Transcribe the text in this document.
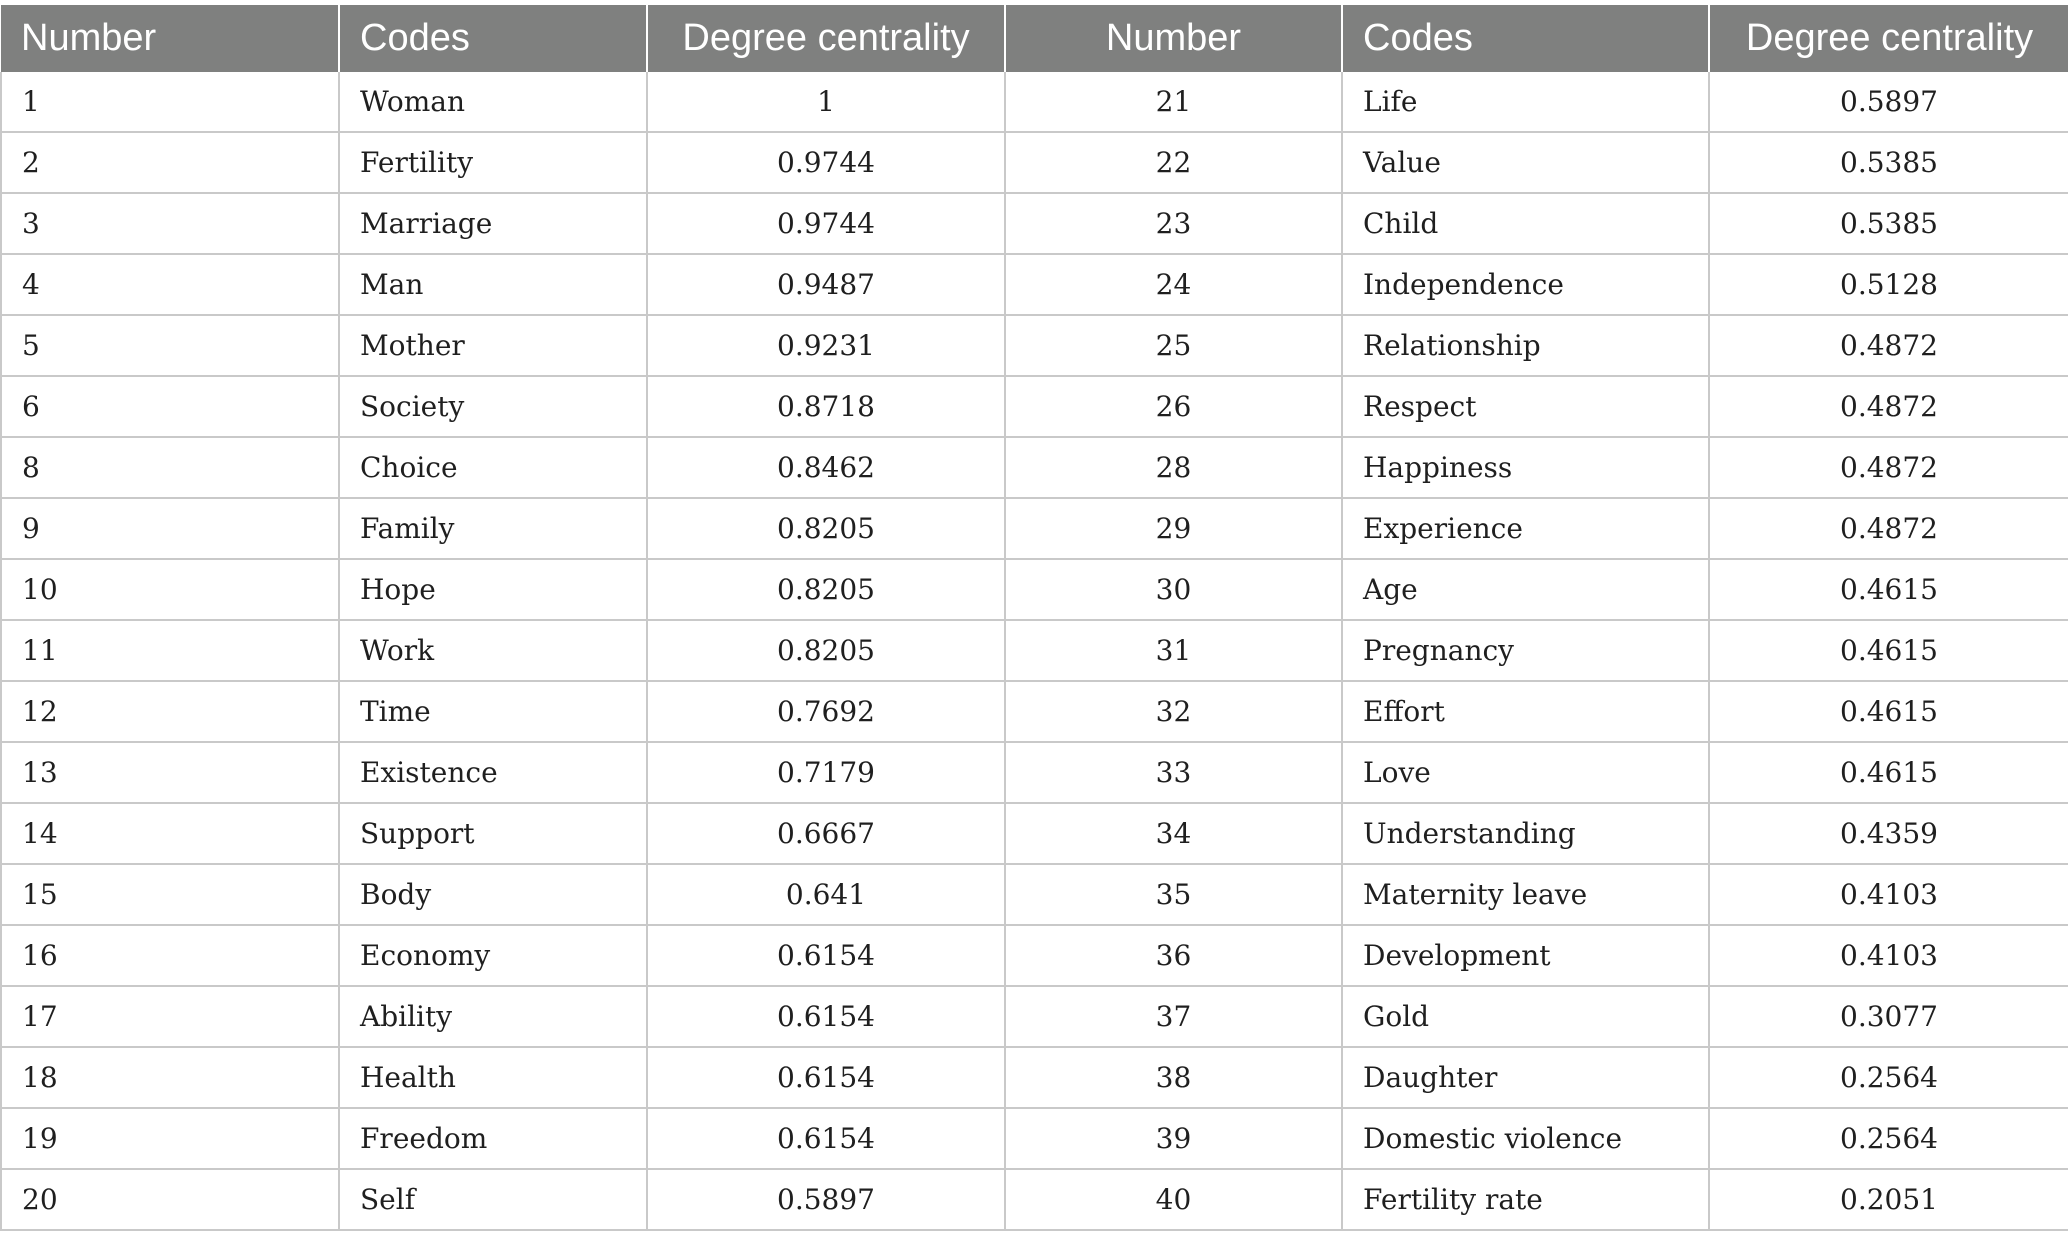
Number	Codes	Degree centrality	Number	Codes	Degree centrality
1	Woman	1	21	Life	0.5897
2	Fertility	0.9744	22	Value	0.5385
3	Marriage	0.9744	23	Child	0.5385
4	Man	0.9487	24	Independence	0.5128
5	Mother	0.9231	25	Relationship	0.4872
6	Society	0.8718	26	Respect	0.4872
8	Choice	0.8462	28	Happiness	0.4872
9	Family	0.8205	29	Experience	0.4872
10	Hope	0.8205	30	Age	0.4615
11	Work	0.8205	31	Pregnancy	0.4615
12	Time	0.7692	32	Effort	0.4615
13	Existence	0.7179	33	Love	0.4615
14	Support	0.6667	34	Understanding	0.4359
15	Body	0.641	35	Maternity leave	0.4103
16	Economy	0.6154	36	Development	0.4103
17	Ability	0.6154	37	Gold	0.3077
18	Health	0.6154	38	Daughter	0.2564
19	Freedom	0.6154	39	Domestic violence	0.2564
20	Self	0.5897	40	Fertility rate	0.2051
